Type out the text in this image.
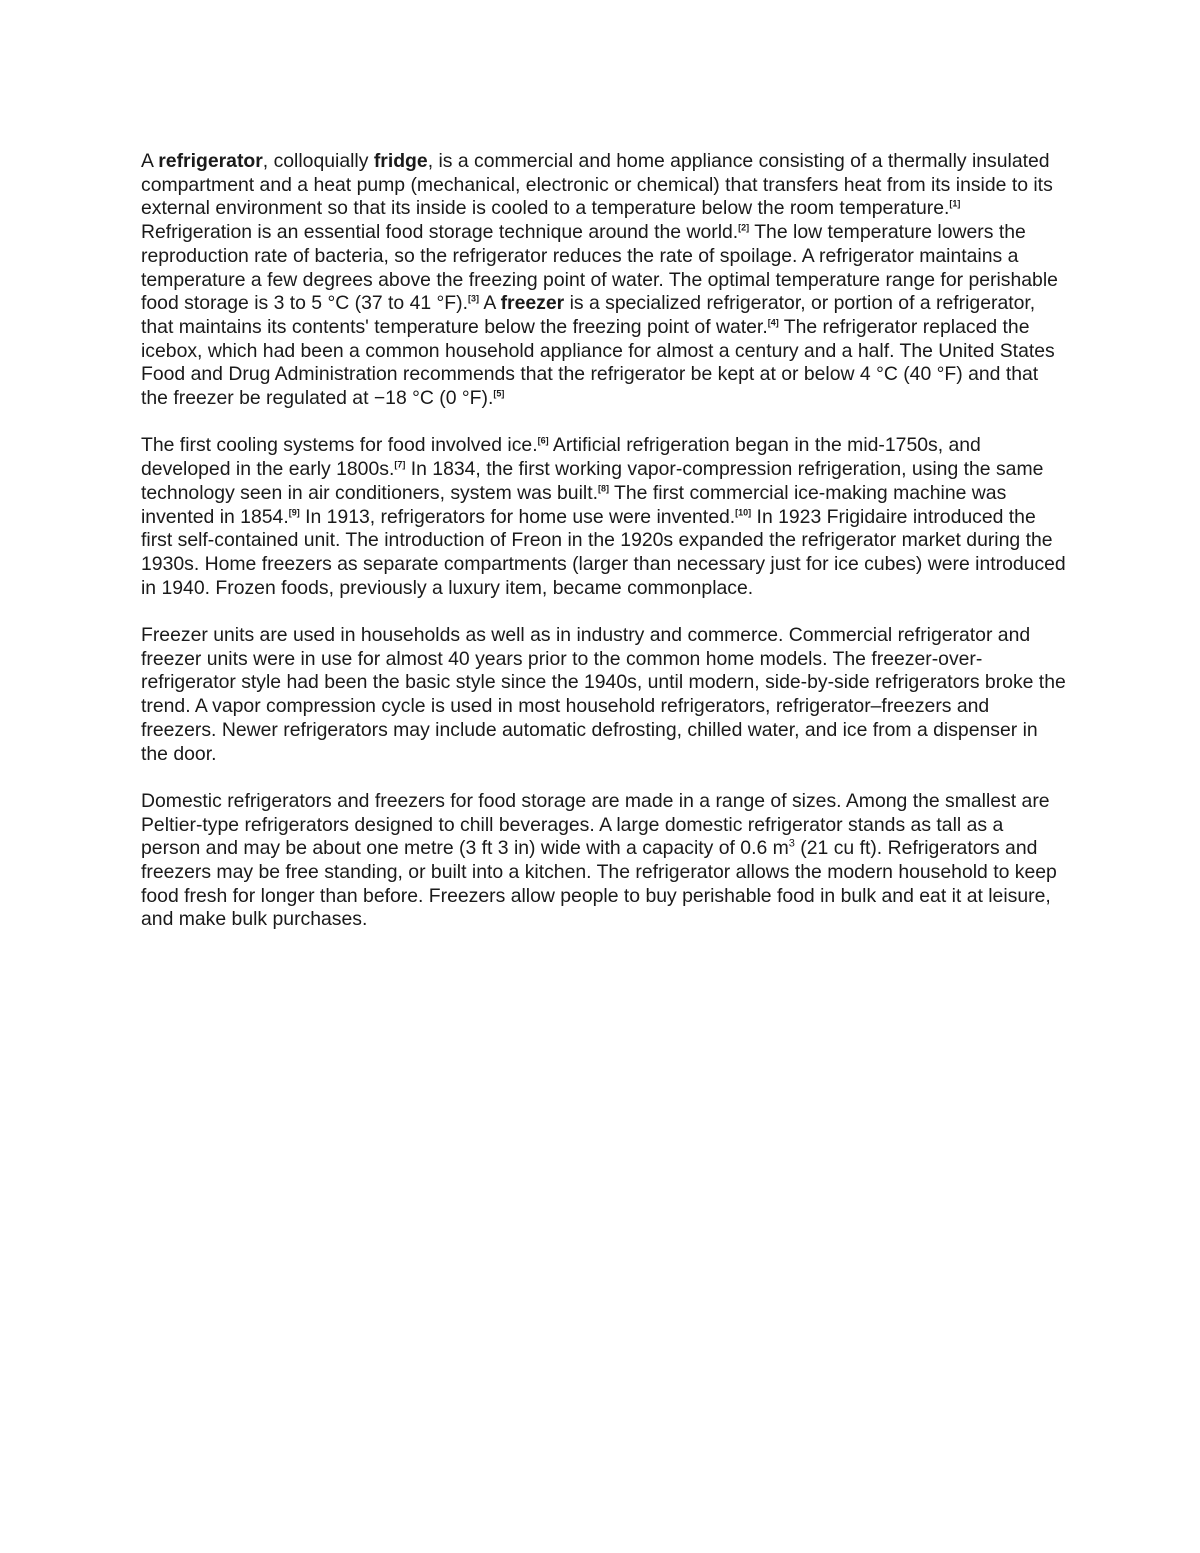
A refrigerator, colloquially fridge, is a commercial and home appliance consisting of a thermally insulated compartment and a heat pump (mechanical, electronic or chemical) that transfers heat from its inside to its external environment so that its inside is cooled to a temperature below the room temperature.[1] Refrigeration is an essential food storage technique around the world.[2] The low temperature lowers the reproduction rate of bacteria, so the refrigerator reduces the rate of spoilage. A refrigerator maintains a temperature a few degrees above the freezing point of water. The optimal temperature range for perishable food storage is 3 to 5 °C (37 to 41 °F).[3] A freezer is a specialized refrigerator, or portion of a refrigerator, that maintains its contents' temperature below the freezing point of water.[4] The refrigerator replaced the icebox, which had been a common household appliance for almost a century and a half. The United States Food and Drug Administration recommends that the refrigerator be kept at or below 4 °C (40 °F) and that the freezer be regulated at −18 °C (0 °F).[5]

The first cooling systems for food involved ice.[6] Artificial refrigeration began in the mid-1750s, and developed in the early 1800s.[7] In 1834, the first working vapor-compression refrigeration, using the same technology seen in air conditioners, system was built.[8] The first commercial ice-making machine was invented in 1854.[9] In 1913, refrigerators for home use were invented.[10] In 1923 Frigidaire introduced the first self-contained unit. The introduction of Freon in the 1920s expanded the refrigerator market during the 1930s. Home freezers as separate compartments (larger than necessary just for ice cubes) were introduced in 1940. Frozen foods, previously a luxury item, became commonplace.

Freezer units are used in households as well as in industry and commerce. Commercial refrigerator and freezer units were in use for almost 40 years prior to the common home models. The freezer-over-refrigerator style had been the basic style since the 1940s, until modern, side-by-side refrigerators broke the trend. A vapor compression cycle is used in most household refrigerators, refrigerator–freezers and freezers. Newer refrigerators may include automatic defrosting, chilled water, and ice from a dispenser in the door.

Domestic refrigerators and freezers for food storage are made in a range of sizes. Among the smallest are Peltier-type refrigerators designed to chill beverages. A large domestic refrigerator stands as tall as a person and may be about one metre (3 ft 3 in) wide with a capacity of 0.6 $m^3$ (21 cu ft). Refrigerators and freezers may be free standing, or built into a kitchen. The refrigerator allows the modern household to keep food fresh for longer than before. Freezers allow people to buy perishable food in bulk and eat it at leisure, and make bulk purchases.
